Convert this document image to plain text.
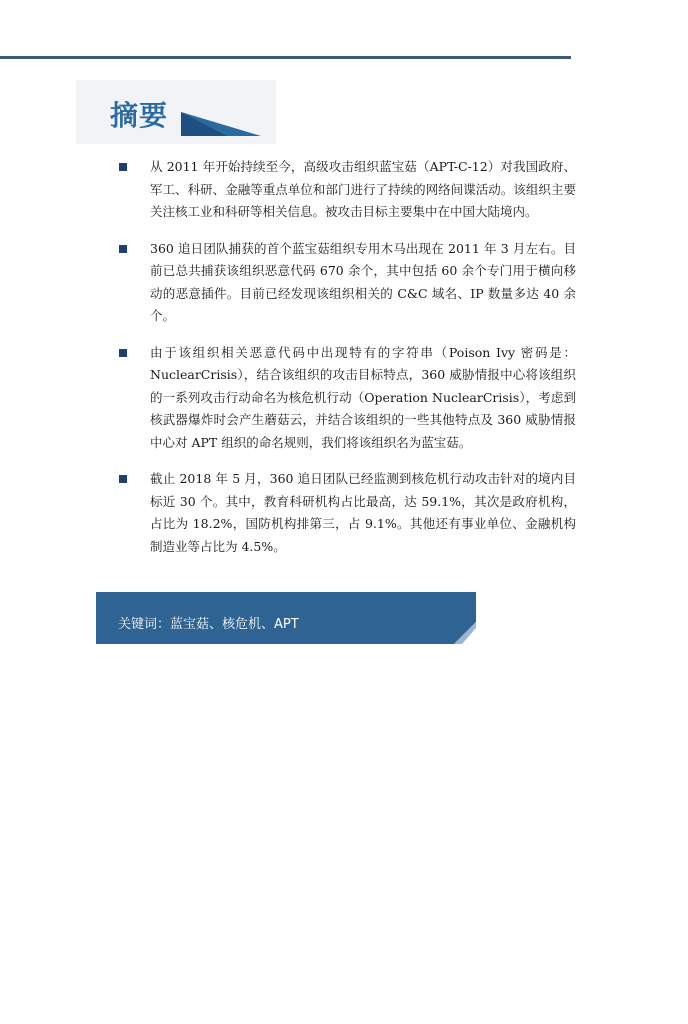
摘要
从 2011 年开始持续至今，高级攻击组织蓝宝菇（APT-C-12）对我国政府、军工、科研、金融等重点单位和部门进行了持续的网络间谍活动。该组织主要关注核工业和科研等相关信息。被攻击目标主要集中在中国大陆境内。
360 追日团队捕获的首个蓝宝菇组织专用木马出现在 2011 年 3 月左右。目前已总共捕获该组织恶意代码 670 余个，其中包括 60 余个专门用于横向移动的恶意插件。目前已经发现该组织相关的 C&C 域名、IP 数量多达 40 余个。
由于该组织相关恶意代码中出现特有的字符串（Poison Ivy 密码是：NuclearCrisis），结合该组织的攻击目标特点，360 威胁情报中心将该组织的一系列攻击行动命名为核危机行动（Operation NuclearCrisis），考虑到核武器爆炸时会产生蘑菇云，并结合该组织的一些其他特点及 360 威胁情报中心对 APT 组织的命名规则，我们将该组织名为蓝宝菇。
截止 2018 年 5 月，360 追日团队已经监测到核危机行动攻击针对的境内目标近 30 个。其中，教育科研机构占比最高，达 59.1%，其次是政府机构，占比为 18.2%，国防机构排第三，占 9.1%。其他还有事业单位、金融机构制造业等占比为 4.5%。
关键词：蓝宝菇、核危机、APT
